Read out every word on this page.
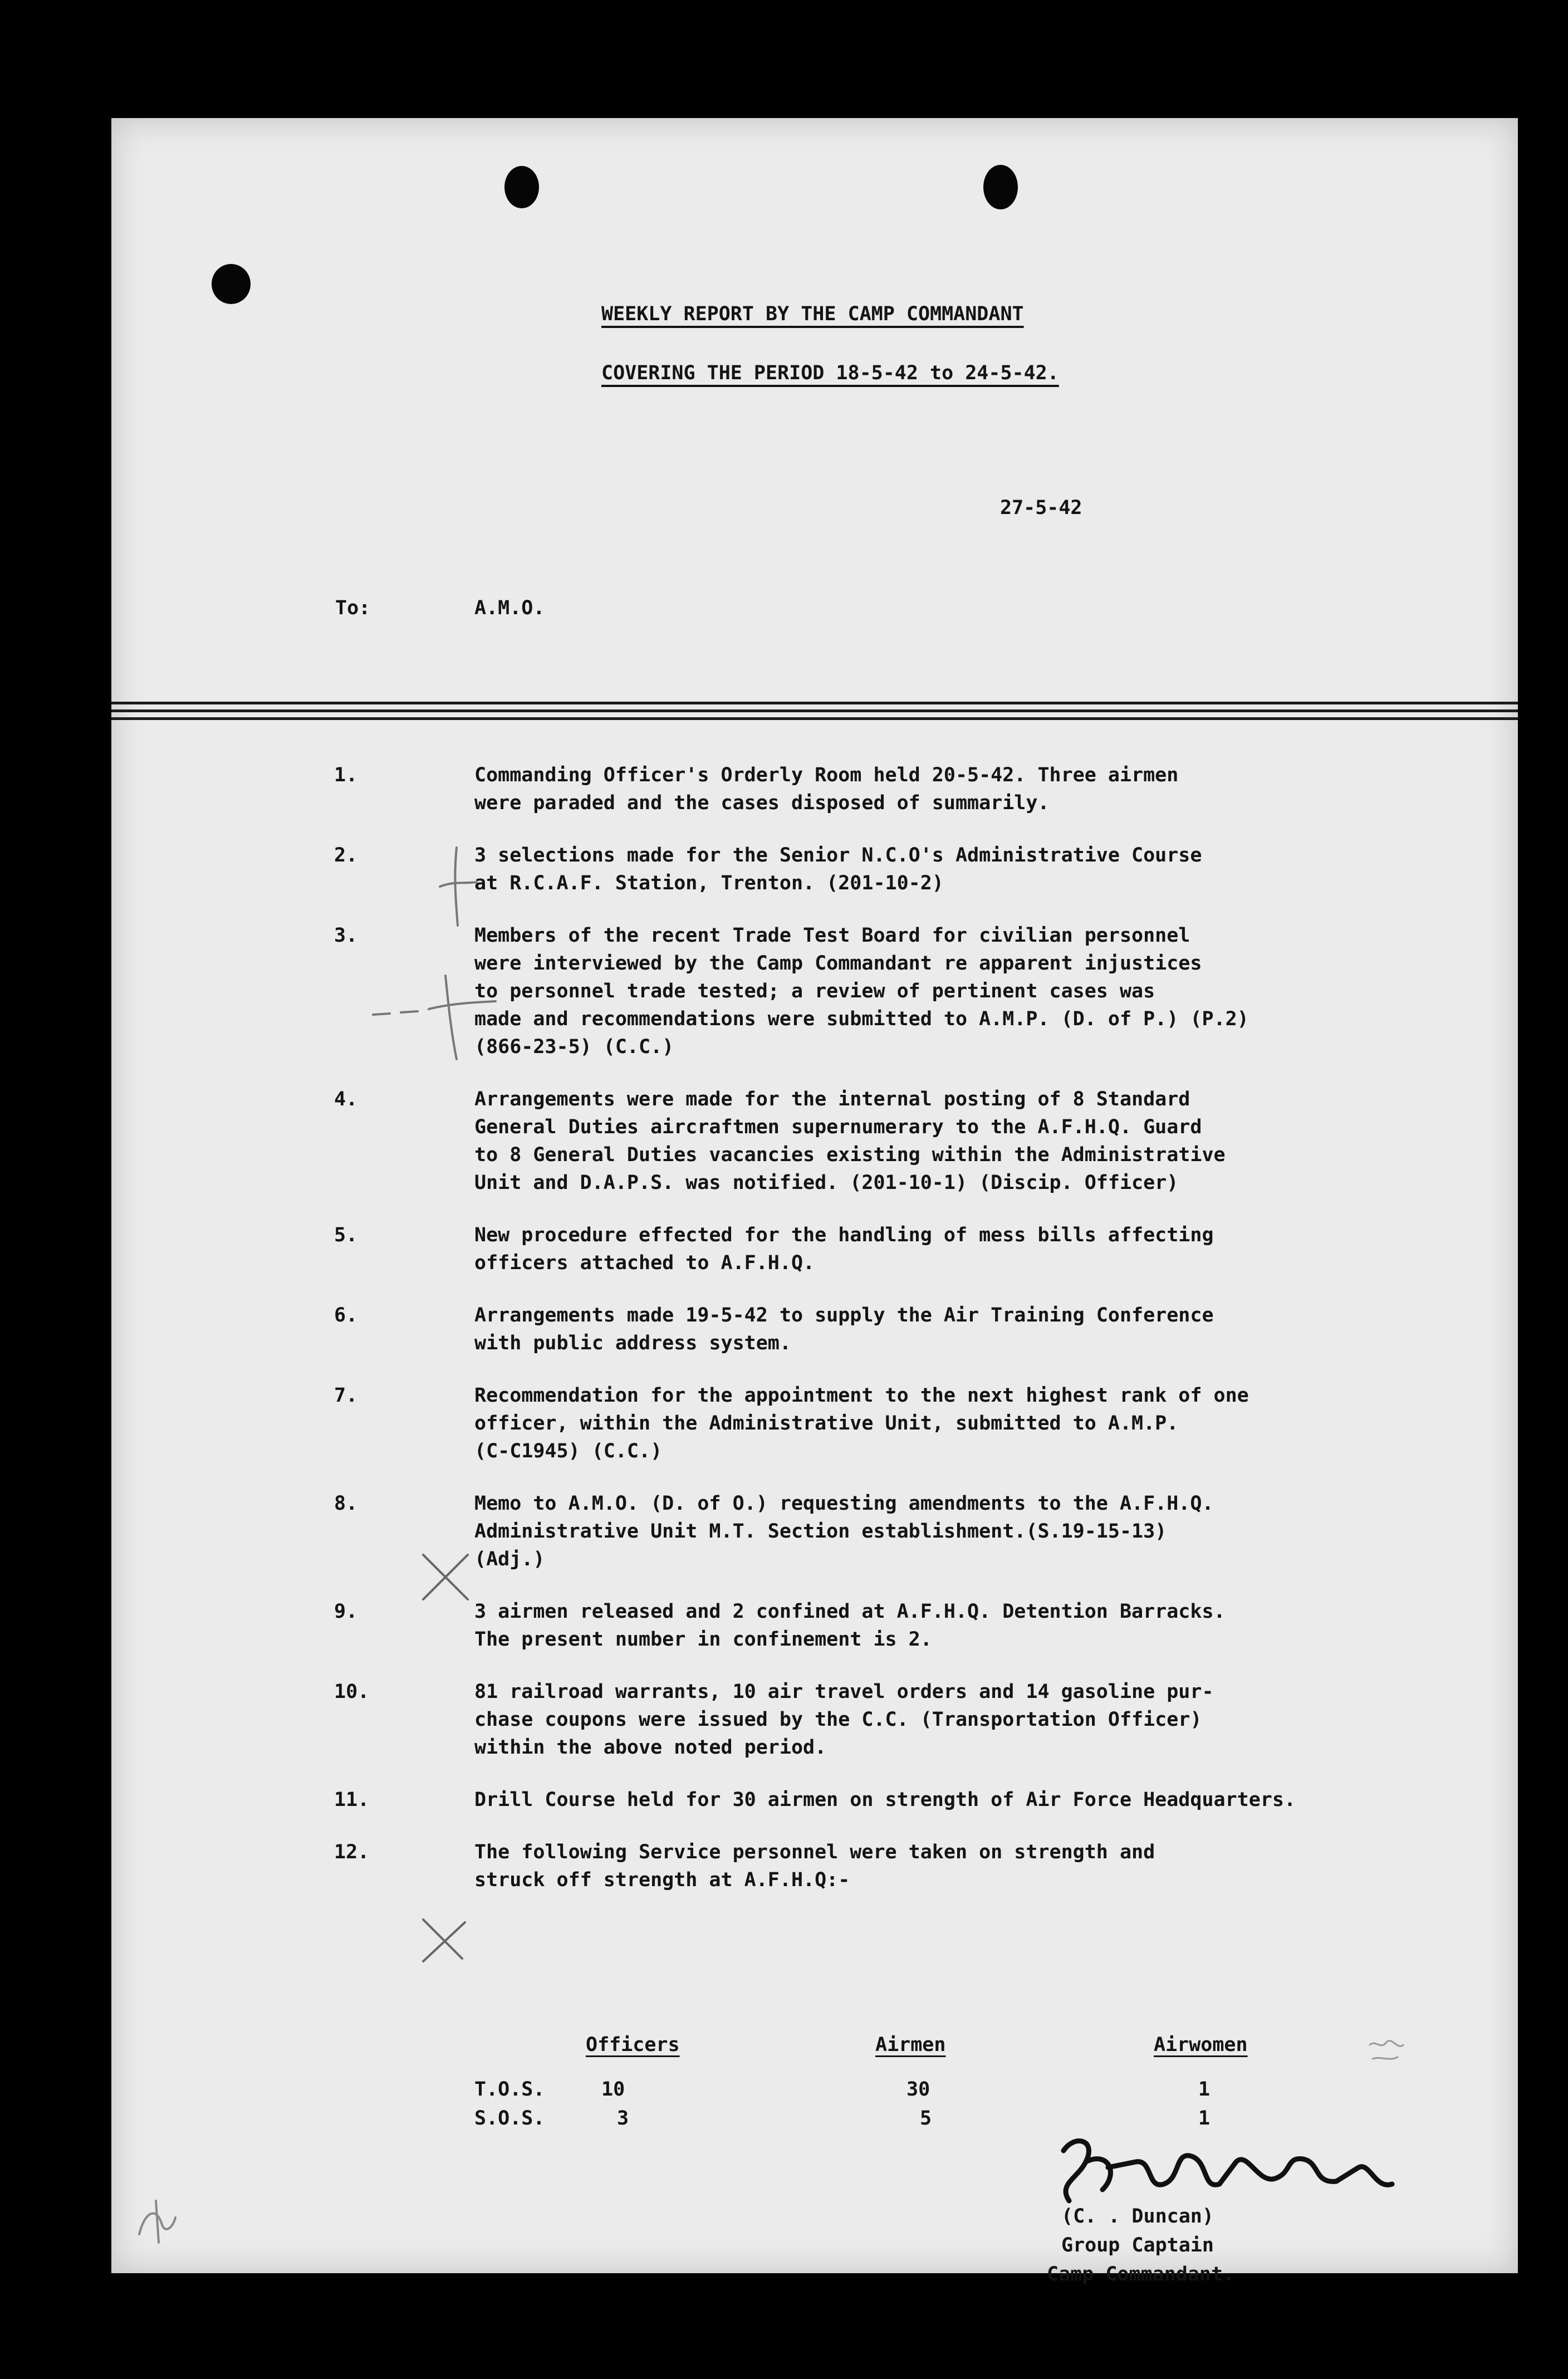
WEEKLY REPORT BY THE CAMP COMMANDANT
COVERING THE PERIOD 18-5-42 to 24-5-42.
27-5-42
To:	A.M.O.
1.	Commanding Officer's Orderly Room held 20-5-42. Three airmen
were paraded and the cases disposed of summarily.
2.	3 selections made for the Senior N.C.O's Administrative Course
at R.C.A.F. Station, Trenton. (201-10-2)
3.	Members of the recent Trade Test Board for civilian personnel
were interviewed by the Camp Commandant re apparent injustices
to personnel trade tested; a review of pertinent cases was
made and recommendations were submitted to A.M.P. (D. of P.) (P.2)
(866-23-5) (C.C.)
4.	Arrangements were made for the internal posting of 8 Standard
General Duties aircraftmen supernumerary to the A.F.H.Q. Guard
to 8 General Duties vacancies existing within the Administrative
Unit and D.A.P.S. was notified. (201-10-1) (Discip. Officer)
5.	New procedure effected for the handling of mess bills affecting
officers attached to A.F.H.Q.
6.	Arrangements made 19-5-42 to supply the Air Training Conference
with public address system.
7.	Recommendation for the appointment to the next highest rank of one
officer, within the Administrative Unit, submitted to A.M.P.
(C-C1945) (C.C.)
8.	Memo to A.M.O. (D. of O.) requesting amendments to the A.F.H.Q.
Administrative Unit M.T. Section establishment.(S.19-15-13)
(Adj.)
9.	3 airmen released and 2 confined at A.F.H.Q. Detention Barracks.
The present number in confinement is 2.
10.	81 railroad warrants, 10 air travel orders and 14 gasoline pur-
chase coupons were issued by the C.C. (Transportation Officer)
within the above noted period.
11.	Drill Course held for 30 airmen on strength of Air Force Headquarters.
12.	The following Service personnel were taken on strength and
struck off strength at A.F.H.Q:-
Officers	Airmen	Airwomen
T.O.S.	10	30	1
S.O.S.	3	5	1
(C. . Duncan)
Group Captain
Camp Commandant.
